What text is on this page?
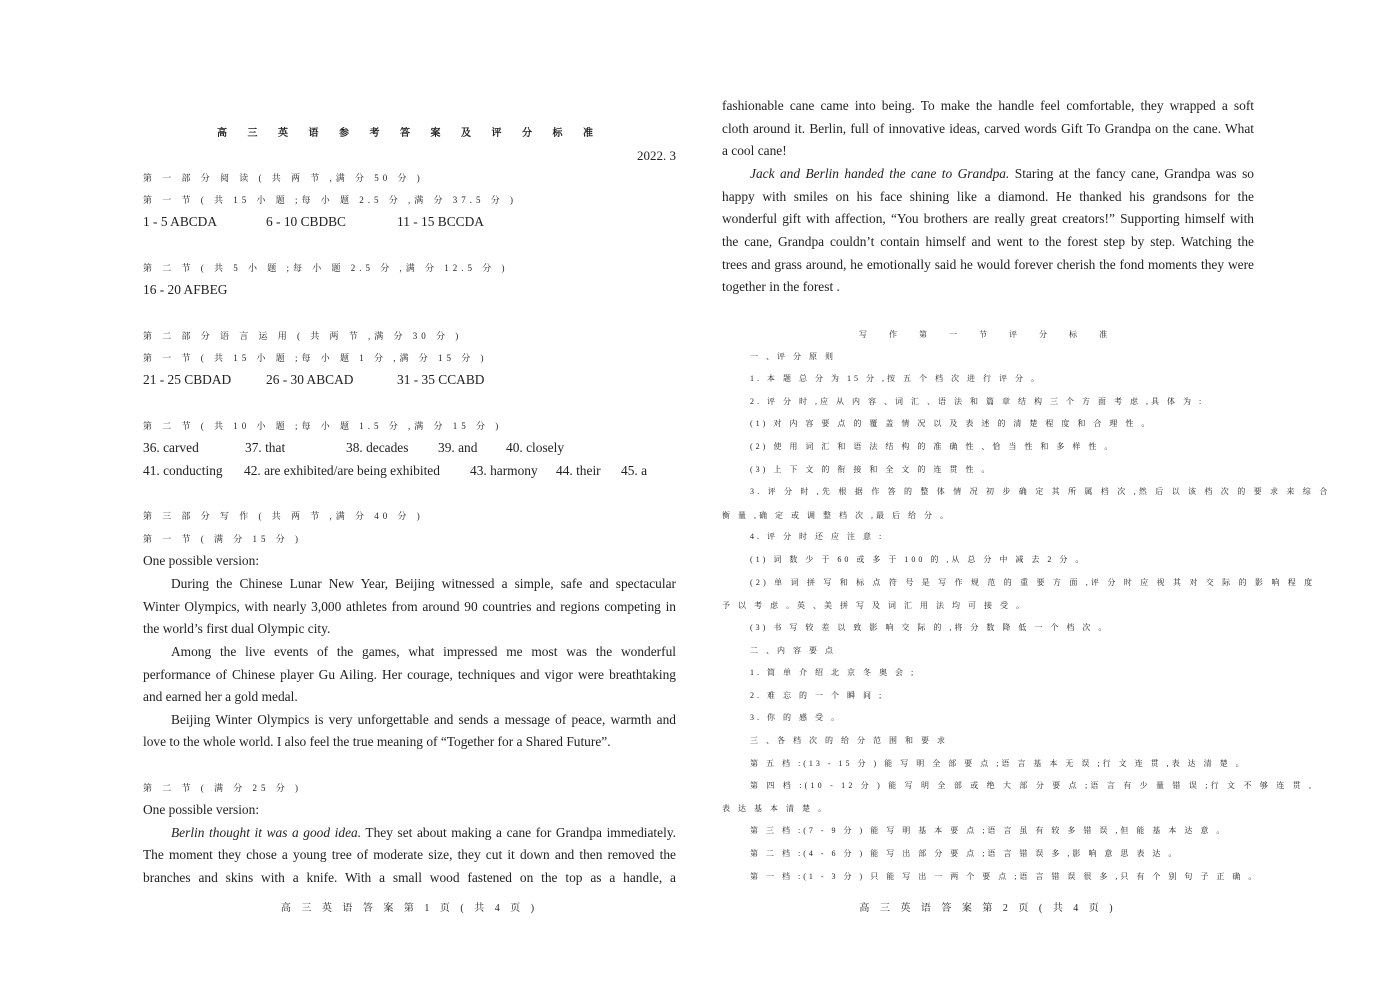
高 三 英 语 参 考 答 案 及 评 分 标 准
2022. 3
第 一 部 分 阅 读 ( 共 两 节 ,满 分 50 分 )
第 一 节 ( 共 15 小 题 ;每 小 题 2.5 分 ,满 分 37.5 分 )
1 - 5 ABCDA	6 - 10 CBDBC	11 - 15 BCCDA
第 二 节 ( 共 5 小 题 ;每 小 题 2.5 分 ,满 分 12.5 分 )
16 - 20 AFBEG
第 二 部 分 语 言 运 用 ( 共 两 节 ,满 分 30 分 )
第 一 节 ( 共 15 小 题 ;每 小 题 1 分 ,满 分 15 分 )
21 - 25 CBDAD	26 - 30 ABCAD	31 - 35 CCABD
第 二 节 ( 共 10 小 题 ;每 小 题 1.5 分 ,满 分 15 分 )
36. carved	37. that	38. decades 39. and 40. closely
41. conducting 42. are exhibited/are being exhibited 43. harmony 44. their 45. a
第 三 部 分 写 作 ( 共 两 节 ,满 分 40 分 )
第 一 节 ( 满 分 15 分 )
One possible version:
During the Chinese Lunar New Year, Beijing witnessed a simple, safe and spectacular
Winter Olympics, with nearly 3,000 athletes from around 90 countries and regions competing in
the world’s first dual Olympic city.
Among the live events of the games, what impressed me most was the wonderful
performance of Chinese player Gu Ailing. Her courage, techniques and vigor were breathtaking
and earned her a gold medal.
Beijing Winter Olympics is very unforgettable and sends a message of peace, warmth and
love to the whole world. I also feel the true meaning of “Together for a Shared Future”.
第 二 节 ( 满 分 25 分 )
One possible version:
Berlin thought it was a good idea. They set about making a cane for Grandpa immediately.
The moment they chose a young tree of moderate size, they cut it down and then removed the
branches and skins with a knife. With a small wood fastened on the top as a handle, a
高 三 英 语 答 案 第 1 页 ( 共 4 页 )
fashionable cane came into being. To make the handle feel comfortable, they wrapped a soft
cloth around it. Berlin, full of innovative ideas, carved words Gift To Grandpa on the cane. What
a cool cane!
Jack and Berlin handed the cane to Grandpa. Staring at the fancy cane, Grandpa was so
happy with smiles on his face shining like a diamond. He thanked his grandsons for the
wonderful gift with affection, “You brothers are really great creators!” Supporting himself with
the cane, Grandpa couldn’t contain himself and went to the forest step by step. Watching the
trees and grass around, he emotionally said he would forever cherish the fond moments they were
together in the forest .
写 作 第 一 节 评 分 标 准
一 、评 分 原 则
1. 本 题 总 分 为 15 分 ,按 五 个 档 次 进 行 评 分 。
2. 评 分 时 ,应 从 内 容 、词 汇 、语 法 和 篇 章 结 构 三 个 方 面 考 虑 ,具 体 为 :
(1) 对 内 容 要 点 的 覆 盖 情 况 以 及 表 述 的 清 楚 程 度 和 合 理 性 。
(2) 使 用 词 汇 和 语 法 结 构 的 准 确 性 、恰 当 性 和 多 样 性 。
(3) 上 下 文 的 衔 接 和 全 文 的 连 贯 性 。
3. 评 分 时 ,先 根 据 作 答 的 整 体 情 况 初 步 确 定 其 所 属 档 次 ,然 后 以 该 档 次 的 要 求 来 综 合
衡 量 ,确 定 或 调 整 档 次 ,最 后 给 分 。
4. 评 分 时 还 应 注 意 :
(1) 词 数 少 于 60 或 多 于 100 的 ,从 总 分 中 减 去 2 分 。
(2) 单 词 拼 写 和 标 点 符 号 是 写 作 规 范 的 重 要 方 面 ,评 分 时 应 视 其 对 交 际 的 影 响 程 度
予 以 考 虑 。英 、美 拼 写 及 词 汇 用 法 均 可 接 受 。
(3) 书 写 较 差 以 致 影 响 交 际 的 ,将 分 数 降 低 一 个 档 次 。
二 、内 容 要 点
1. 简 单 介 绍 北 京 冬 奥 会 ;
2. 难 忘 的 一 个 瞬 间 ;
3. 你 的 感 受 。
三 、各 档 次 的 给 分 范 围 和 要 求
第 五 档 :(13 - 15 分 ) 能 写 明 全 部 要 点 ;语 言 基 本 无 误 ;行 文 连 贯 ,表 达 清 楚 。
第 四 档 :(10 - 12 分 ) 能 写 明 全 部 或 绝 大 部 分 要 点 ;语 言 有 少 量 错 误 ;行 文 不 够 连 贯 ,
表 达 基 本 清 楚 。
第 三 档 :(7 - 9 分 ) 能 写 明 基 本 要 点 ;语 言 虽 有 较 多 错 误 ,但 能 基 本 达 意 。
第 二 档 :(4 - 6 分 ) 能 写 出 部 分 要 点 ;语 言 错 误 多 ,影 响 意 思 表 达 。
第 一 档 :(1 - 3 分 ) 只 能 写 出 一 两 个 要 点 ;语 言 错 误 很 多 ,只 有 个 别 句 子 正 确 。
高 三 英 语 答 案 第 2 页 ( 共 4 页 )
